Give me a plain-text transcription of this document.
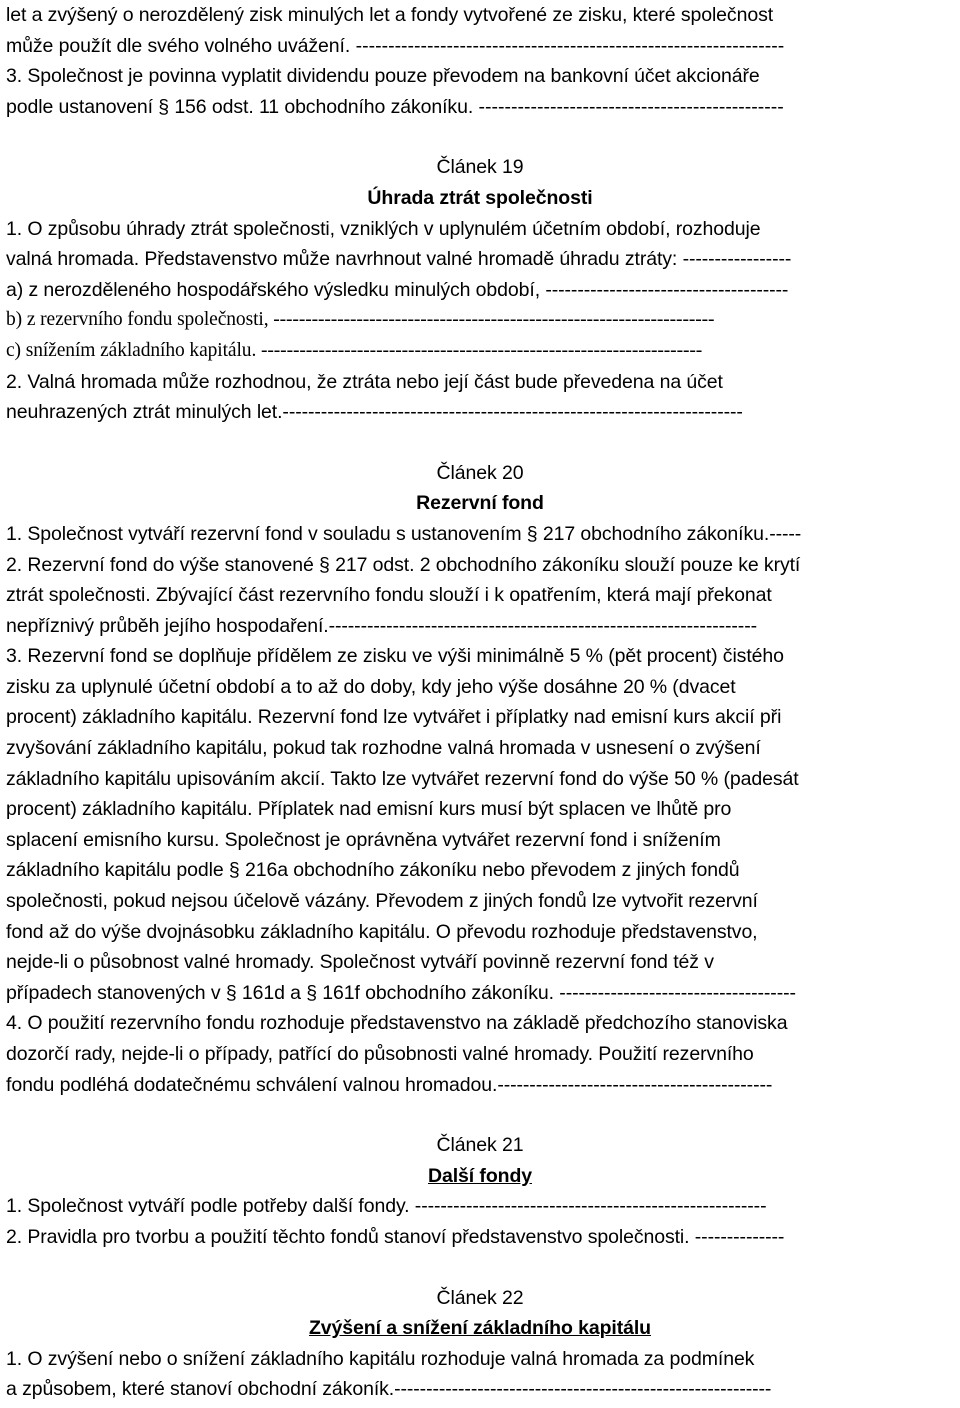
let a zvýšený o nerozdělený zisk minulých let a fondy vytvořené ze zisku, které společnost
může použít dle svého volného uvážení. ------------------------------------------------------------------
3. Společnost je povinna vyplatit dividendu pouze převodem na bankovní účet akcionáře
podle ustanovení § 156 odst. 11 obchodního zákoníku. -----------------------------------------------
Článek 19
Úhrada ztrát společnosti
1. O způsobu úhrady ztrát společnosti, vzniklých v uplynulém účetním období, rozhoduje
valná hromada. Představenstvo může navrhnout valné hromadě úhradu ztráty: -----------------
a) z nerozděleného hospodářského výsledku minulých období, --------------------------------------
b) z rezervního fondu společnosti, ---------------------------------------------------------------------
c) snížením základního kapitálu. ---------------------------------------------------------------------
2. Valná hromada může rozhodnou, že ztráta nebo její část bude převedena na účet
neuhrazených ztrát minulých let.------------------------------------------------------------------------
Článek 20
Rezervní fond
1. Společnost vytváří rezervní fond v souladu s ustanovením § 217 obchodního zákoníku.-----
2. Rezervní fond do výše stanovené § 217 odst. 2 obchodního zákoníku slouží pouze ke krytí
ztrát společnosti. Zbývající část rezervního fondu slouží i k opatřením, která mají překonat
nepříznivý průběh jejího hospodaření.-------------------------------------------------------------------
3. Rezervní fond se doplňuje přídělem ze zisku ve výši minimálně 5 % (pět procent) čistého
zisku za uplynulé účetní období a to až do doby, kdy jeho výše dosáhne 20 % (dvacet
procent) základního kapitálu. Rezervní fond lze vytvářet i příplatky nad emisní kurs akcií při
zvyšování základního kapitálu, pokud tak rozhodne valná hromada v usnesení o zvýšení
základního kapitálu upisováním akcií. Takto lze vytvářet rezervní fond do výše 50 % (padesát
procent) základního kapitálu. Příplatek nad emisní kurs musí být splacen ve lhůtě pro
splacení emisního kursu. Společnost je oprávněna vytvářet rezervní fond i snížením
základního kapitálu podle § 216a obchodního zákoníku nebo převodem z jiných fondů
společnosti, pokud nejsou účelově vázány. Převodem z jiných fondů lze vytvořit rezervní
fond až do výše dvojnásobku základního kapitálu. O převodu rozhoduje představenstvo,
nejde-li o působnost valné hromady. Společnost vytváří povinně rezervní fond též v
případech stanovených v § 161d a § 161f obchodního zákoníku. -------------------------------------
4. O použití rezervního fondu rozhoduje představenstvo na základě předchozího stanoviska
dozorčí rady, nejde-li o případy, patřící do působnosti valné hromady. Použití rezervního
fondu podléhá dodatečnému schválení valnou hromadou.-------------------------------------------
Článek 21
Další fondy
1. Společnost vytváří podle potřeby další fondy. -------------------------------------------------------
2. Pravidla pro tvorbu a použití těchto fondů stanoví představenstvo společnosti. --------------
Článek 22
Zvýšení a snížení základního kapitálu
1. O zvýšení nebo o snížení základního kapitálu rozhoduje valná hromada za podmínek
a způsobem, které stanoví obchodní zákoník.-----------------------------------------------------------
